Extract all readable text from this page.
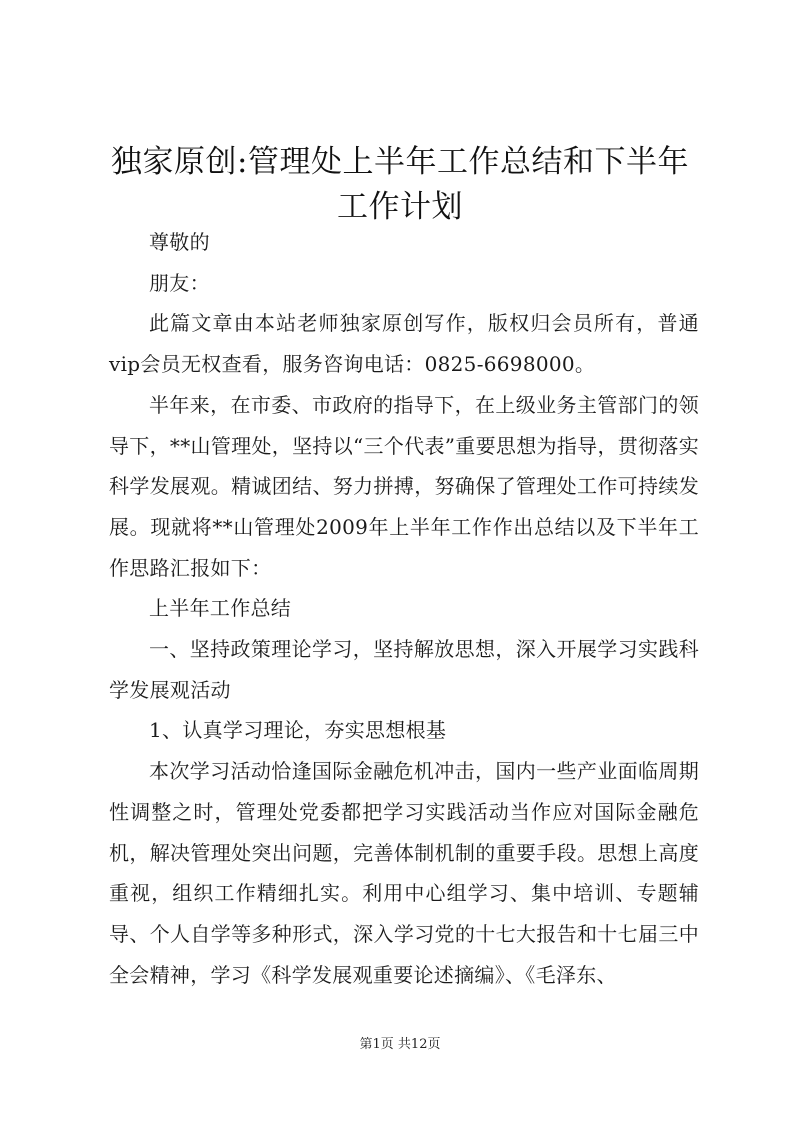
独家原创:管理处上半年工作总结和下半年工作计划

尊敬的

朋友：

此篇文章由本站老师独家原创写作，版权归会员所有，普通vip会员无权查看，服务咨询电话：0825-6698000。

半年来，在市委、市政府的指导下，在上级业务主管部门的领导下，**山管理处，坚持以“三个代表”重要思想为指导，贯彻落实科学发展观。精诚团结、努力拼搏，努确保了管理处工作可持续发展。现就将**山管理处2009年上半年工作作出总结以及下半年工作思路汇报如下：

上半年工作总结

一、坚持政策理论学习，坚持解放思想，深入开展学习实践科学发展观活动

1、认真学习理论，夯实思想根基

本次学习活动恰逢国际金融危机冲击，国内一些产业面临周期性调整之时，管理处党委都把学习实践活动当作应对国际金融危机，解决管理处突出问题，完善体制机制的重要手段。思想上高度重视，组织工作精细扎实。利用中心组学习、集中培训、专题辅导、个人自学等多种形式，深入学习党的十七大报告和十七届三中全会精神，学习《科学发展观重要论述摘编》、《毛泽东、

第1页 共12页
